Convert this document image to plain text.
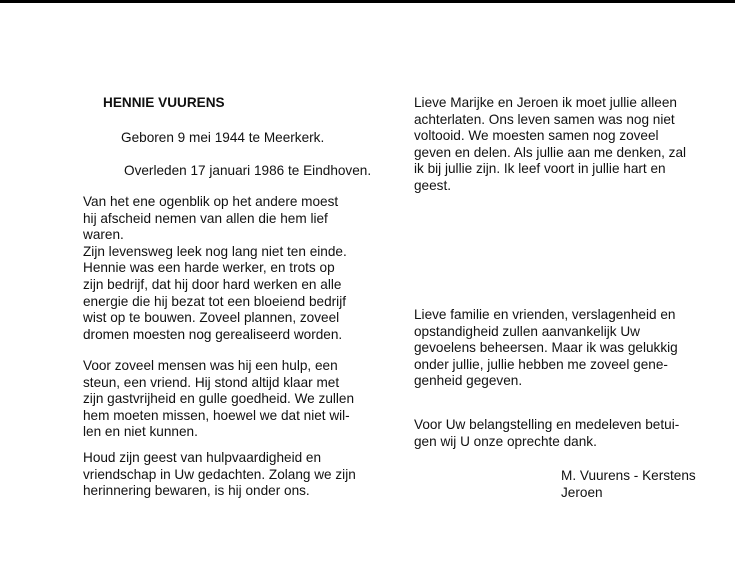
HENNIE VUURENS
Geboren 9 mei 1944 te Meerkerk.
Overleden 17 januari 1986 te Eindhoven.
Van het ene ogenblik op het andere moest
hij afscheid nemen van allen die hem lief
waren.
Zijn levensweg leek nog lang niet ten einde.
Hennie was een harde werker, en trots op
zijn bedrijf, dat hij door hard werken en alle
energie die hij bezat tot een bloeiend bedrijf
wist op te bouwen. Zoveel plannen, zoveel
dromen moesten nog gerealiseerd worden.
Voor zoveel mensen was hij een hulp, een
steun, een vriend. Hij stond altijd klaar met
zijn gastvrijheid en gulle goedheid. We zullen
hem moeten missen, hoewel we dat niet wil-
len en niet kunnen.
Houd zijn geest van hulpvaardigheid en
vriendschap in Uw gedachten. Zolang we zijn
herinnering bewaren, is hij onder ons.
Lieve Marijke en Jeroen ik moet jullie alleen
achterlaten. Ons leven samen was nog niet
voltooid. We moesten samen nog zoveel
geven en delen. Als jullie aan me denken, zal
ik bij jullie zijn. Ik leef voort in jullie hart en
geest.
Lieve familie en vrienden, verslagenheid en
opstandigheid zullen aanvankelijk Uw
gevoelens beheersen. Maar ik was gelukkig
onder jullie, jullie hebben me zoveel gene-
genheid gegeven.
Voor Uw belangstelling en medeleven betui-
gen wij U onze oprechte dank.
M. Vuurens - Kerstens
Jeroen
